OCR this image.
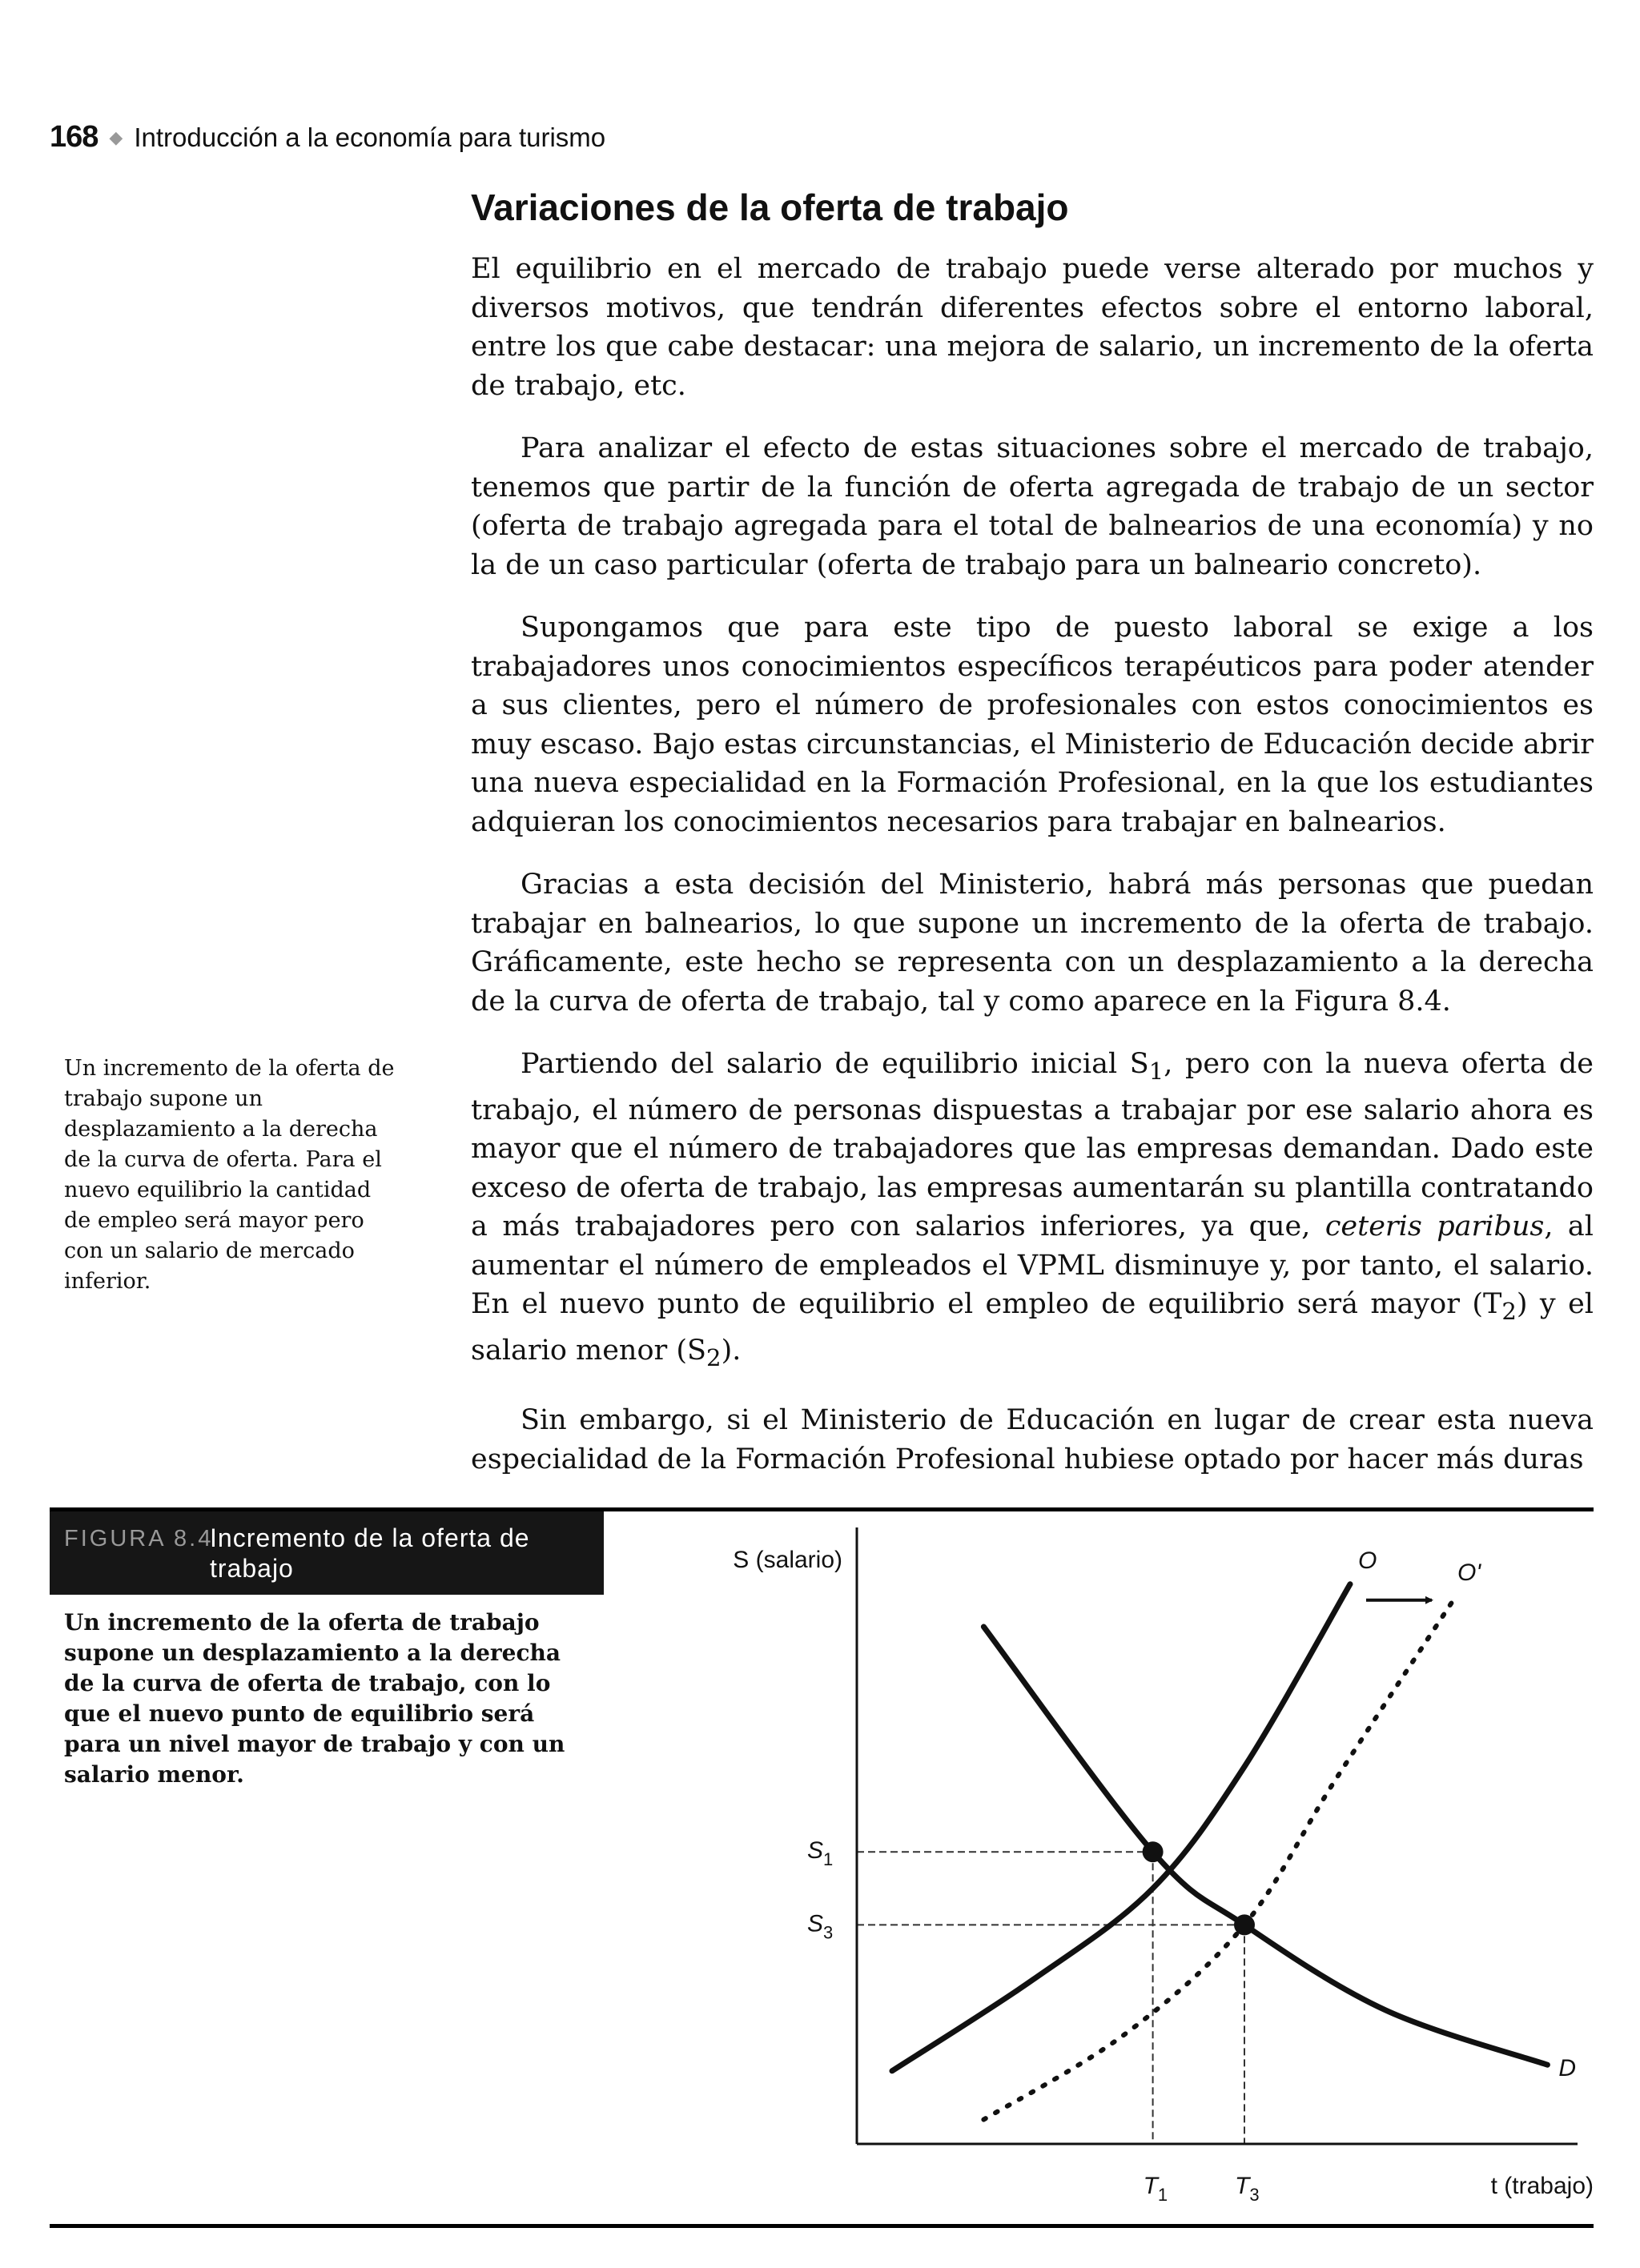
168 ◆ Introducción a la economía para turismo
Variaciones de la oferta de trabajo

El equilibrio en el mercado de trabajo puede verse alterado por muchos y diversos motivos, que tendrán diferentes efectos sobre el entorno laboral, entre los que cabe destacar: una mejora de salario, un incremento de la oferta de trabajo, etc.

Para analizar el efecto de estas situaciones sobre el mercado de trabajo, tenemos que partir de la función de oferta agregada de trabajo de un sector (oferta de trabajo agregada para el total de balnearios de una economía) y no la de un caso particular (oferta de trabajo para un balneario concreto).

Supongamos que para este tipo de puesto laboral se exige a los trabajadores unos conocimientos específicos terapéuticos para poder atender a sus clientes, pero el número de profesionales con estos conocimientos es muy escaso. Bajo estas circunstancias, el Ministerio de Educación decide abrir una nueva especialidad en la Formación Profesional, en la que los estudiantes adquieran los conocimientos necesarios para trabajar en balnearios.

Gracias a esta decisión del Ministerio, habrá más personas que puedan trabajar en balnearios, lo que supone un incremento de la oferta de trabajo. Gráficamente, este hecho se representa con un desplazamiento a la derecha de la curva de oferta de trabajo, tal y como aparece en la Figura 8.4.

Partiendo del salario de equilibrio inicial $S_1$, pero con la nueva oferta de trabajo, el número de personas dispuestas a trabajar por ese salario ahora es mayor que el número de trabajadores que las empresas demandan. Dado este exceso de oferta de trabajo, las empresas aumentarán su plantilla contratando a más trabajadores pero con salarios inferiores, ya que, ceteris paribus, al aumentar el número de empleados el VPML disminuye y, por tanto, el salario. En el nuevo punto de equilibrio el empleo de equilibrio será mayor $(T_2)$ y el salario menor $(S_2)$.

Sin embargo, si el Ministerio de Educación en lugar de crear esta nueva especialidad de la Formación Profesional hubiese optado por hacer más duras

Un incremento de la oferta de trabajo supone un desplazamiento a la derecha de la curva de oferta. Para el nuevo equilibrio la cantidad de empleo será mayor pero con un salario de mercado inferior.
FIGURA 8.4
Incremento de la oferta de trabajo
Un incremento de la oferta de trabajo supone un desplazamiento a la derecha de la curva de oferta de trabajo, con lo que el nuevo punto de equilibrio será para un nivel mayor de trabajo y con un salario menor.
S (salario)
t (trabajo)
$S_1$
$S_3$
$T_1$	$T_3$
O	O'
D
